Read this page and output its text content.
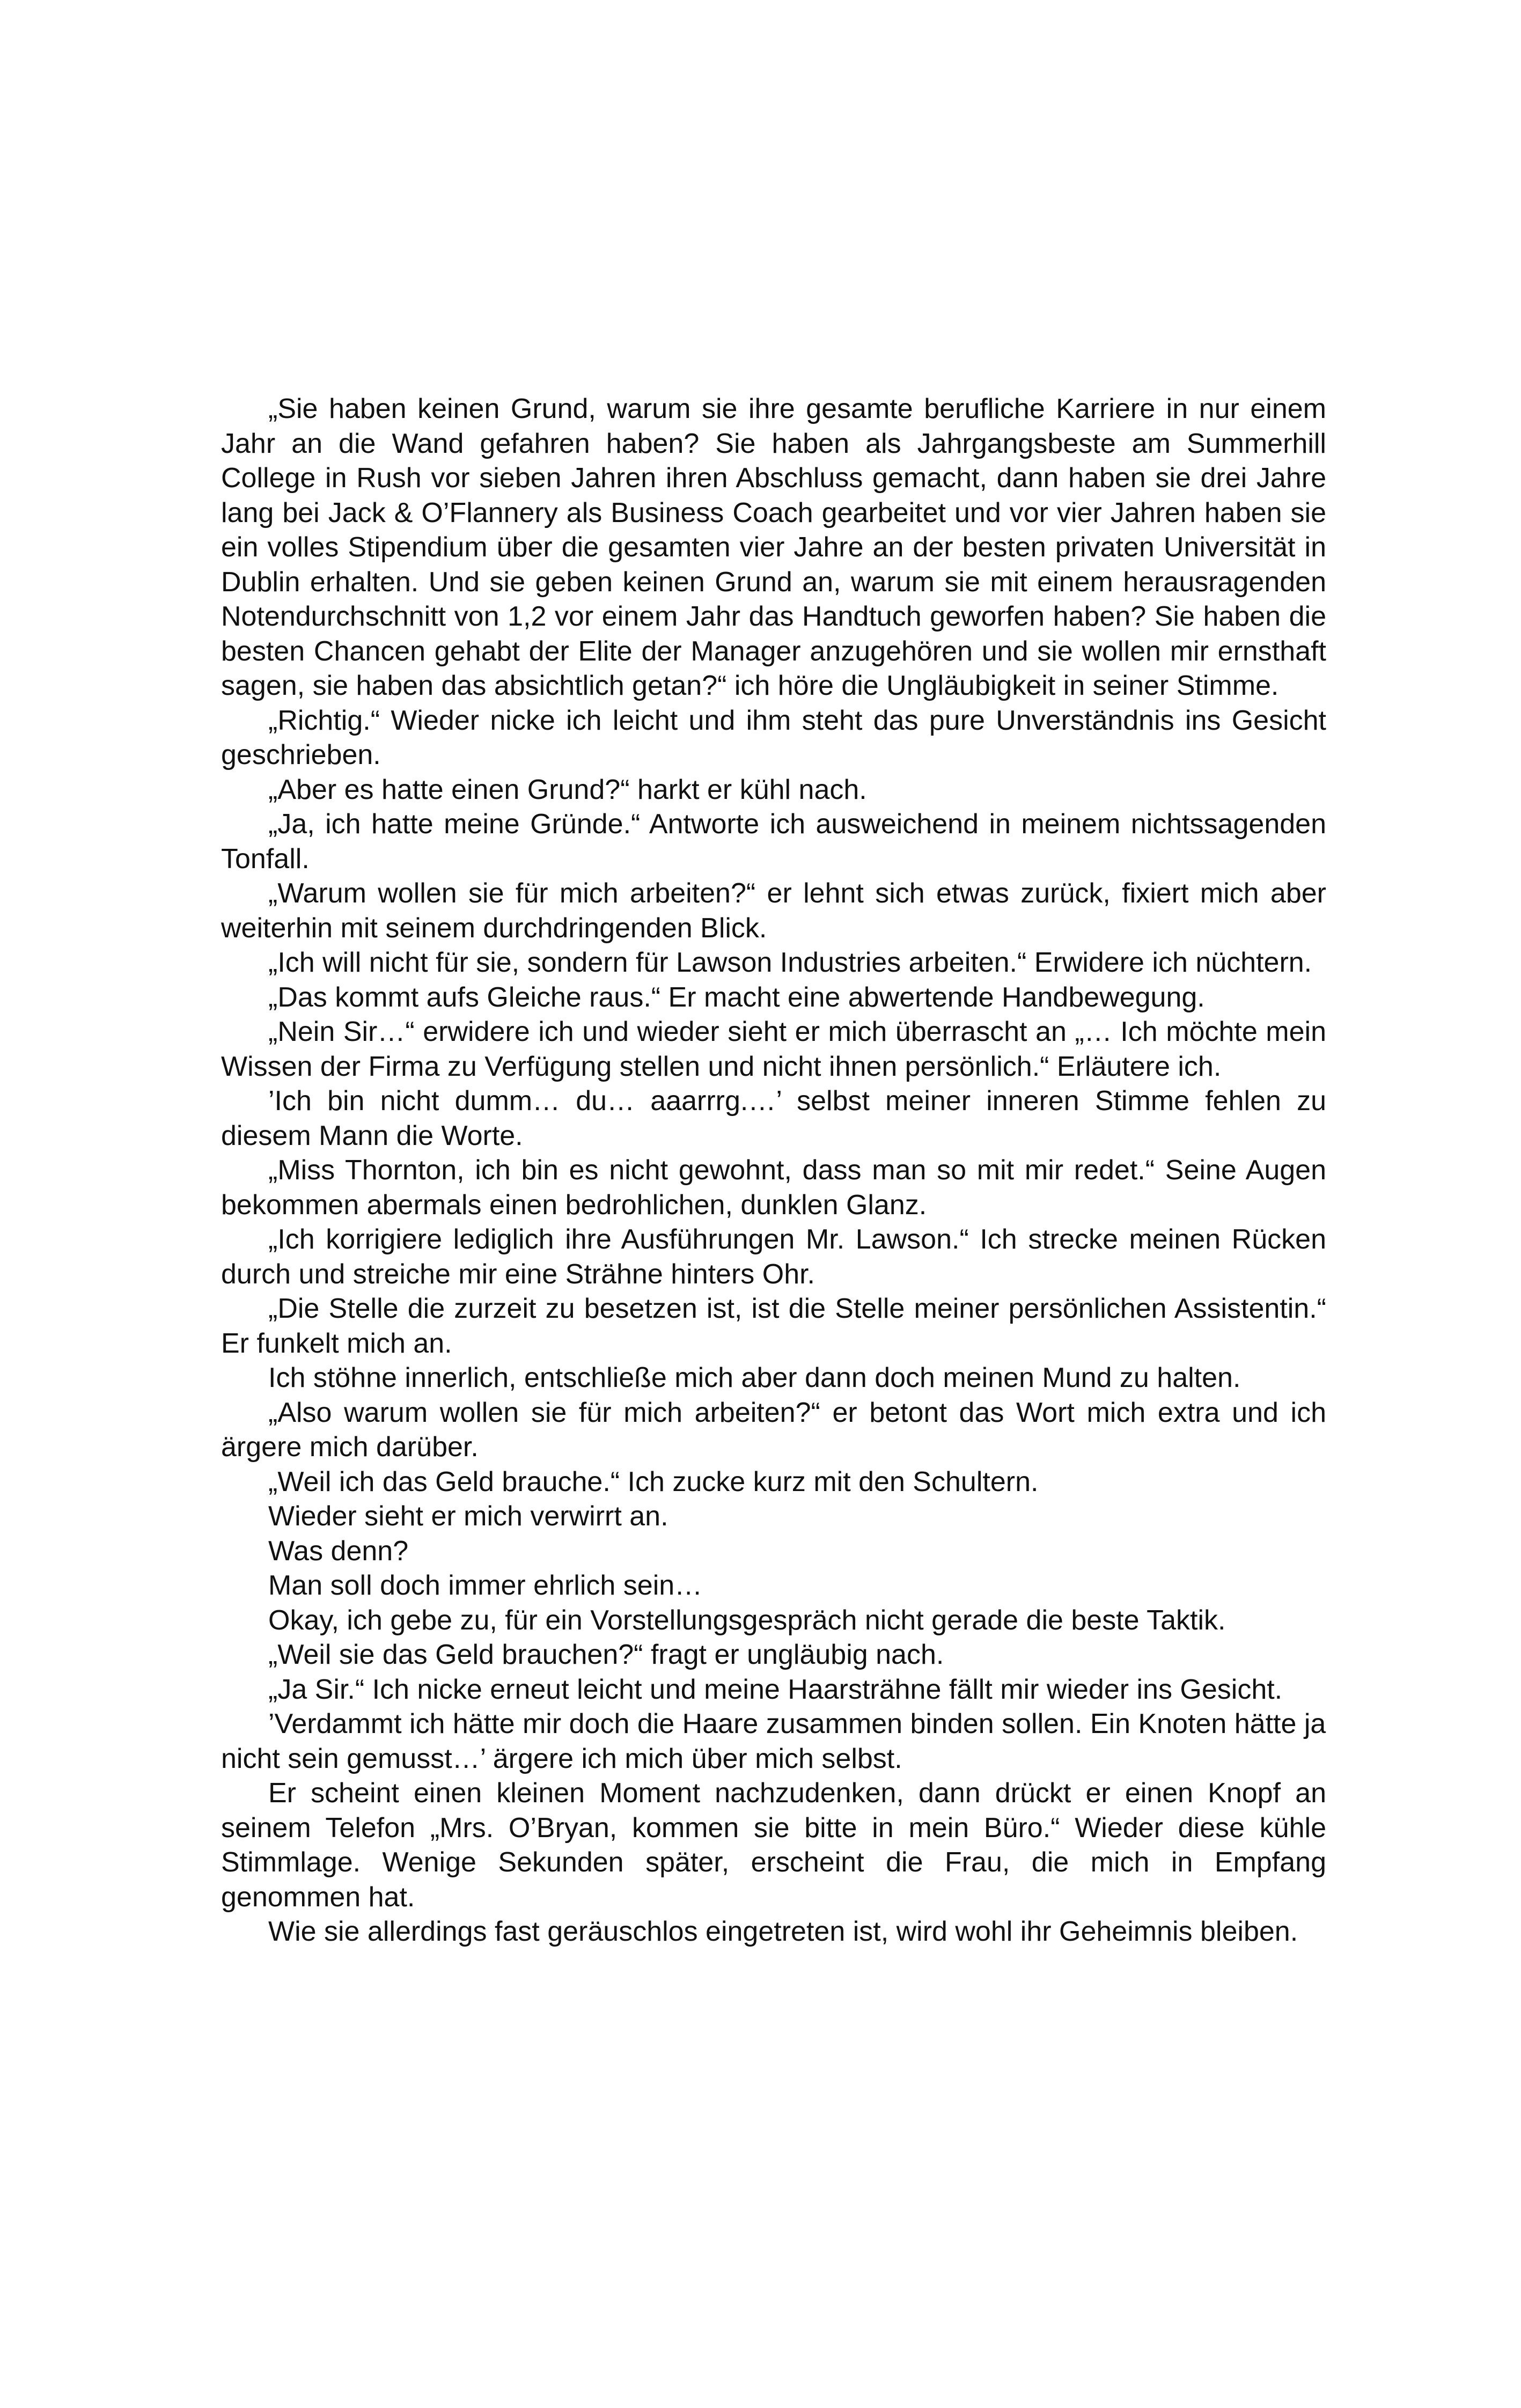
„Sie haben keinen Grund, warum sie ihre gesamte berufliche Karriere in nur einem Jahr an die Wand gefahren haben? Sie haben als Jahrgangsbeste am Summerhill College in Rush vor sieben Jahren ihren Abschluss gemacht, dann haben sie drei Jahre lang bei Jack & O’Flannery als Business Coach gearbeitet und vor vier Jahren haben sie ein volles Stipendium über die gesamten vier Jahre an der besten privaten Universität in Dublin erhalten. Und sie geben keinen Grund an, warum sie mit einem herausragenden Notendurchschnitt von 1,2 vor einem Jahr das Handtuch geworfen haben? Sie haben die besten Chancen gehabt der Elite der Manager anzugehören und sie wollen mir ernsthaft sagen, sie haben das absichtlich getan?“ ich höre die Ungläubigkeit in seiner Stimme.

„Richtig.“ Wieder nicke ich leicht und ihm steht das pure Unverständnis ins Gesicht geschrieben.

„Aber es hatte einen Grund?“ harkt er kühl nach.

„Ja, ich hatte meine Gründe.“ Antworte ich ausweichend in meinem nichtssagenden Tonfall.

„Warum wollen sie für mich arbeiten?“ er lehnt sich etwas zurück, fixiert mich aber weiterhin mit seinem durchdringenden Blick.

„Ich will nicht für sie, sondern für Lawson Industries arbeiten.“ Erwidere ich nüchtern.

„Das kommt aufs Gleiche raus.“ Er macht eine abwertende Handbewegung.

„Nein Sir…“ erwidere ich und wieder sieht er mich überrascht an „… Ich möchte mein Wissen der Firma zu Verfügung stellen und nicht ihnen persönlich.“ Erläutere ich.

’Ich bin nicht dumm… du… aaarrrg.…’ selbst meiner inneren Stimme fehlen zu diesem Mann die Worte.

„Miss Thornton, ich bin es nicht gewohnt, dass man so mit mir redet.“ Seine Augen bekommen abermals einen bedrohlichen, dunklen Glanz.

„Ich korrigiere lediglich ihre Ausführungen Mr. Lawson.“ Ich strecke meinen Rücken durch und streiche mir eine Strähne hinters Ohr.

„Die Stelle die zurzeit zu besetzen ist, ist die Stelle meiner persönlichen Assistentin.“ Er funkelt mich an.

Ich stöhne innerlich, entschließe mich aber dann doch meinen Mund zu halten.

„Also warum wollen sie für mich arbeiten?“ er betont das Wort mich extra und ich ärgere mich darüber.

„Weil ich das Geld brauche.“ Ich zucke kurz mit den Schultern.

Wieder sieht er mich verwirrt an.

Was denn?

Man soll doch immer ehrlich sein…

Okay, ich gebe zu, für ein Vorstellungsgespräch nicht gerade die beste Taktik.

„Weil sie das Geld brauchen?“ fragt er ungläubig nach.

„Ja Sir.“ Ich nicke erneut leicht und meine Haarsträhne fällt mir wieder ins Gesicht.

’Verdammt ich hätte mir doch die Haare zusammen binden sollen. Ein Knoten hätte ja

nicht sein gemusst…’ ärgere ich mich über mich selbst.

Er scheint einen kleinen Moment nachzudenken, dann drückt er einen Knopf an seinem Telefon „Mrs. O’Bryan, kommen sie bitte in mein Büro.“ Wieder diese kühle Stimmlage. Wenige Sekunden später, erscheint die Frau, die mich in Empfang genommen hat.

Wie sie allerdings fast geräuschlos eingetreten ist, wird wohl ihr Geheimnis bleiben.
